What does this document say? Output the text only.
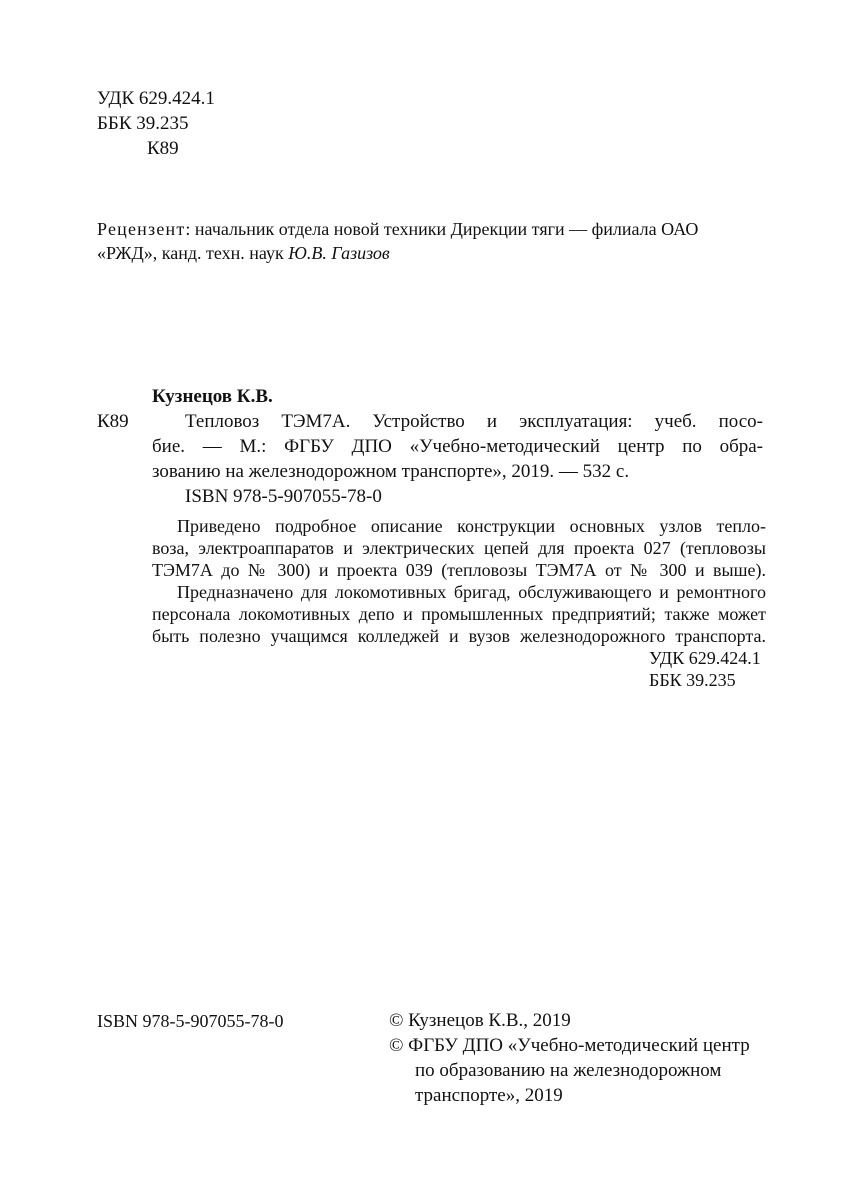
УДК 629.424.1
ББК 39.235
К89
Рецензент: начальник отдела новой техники Дирекции тяги — филиала ОАО
«РЖД», канд. техн. наук Ю.В. Газизов
Кузнецов К.В.
К89	Тепловоз ТЭМ7А. Устройство и эксплуатация: учеб. посо-
бие. — М.: ФГБУ ДПО «Учебно-методический центр по обра-
зованию на железнодорожном транспорте», 2019. — 532 с.
ISBN 978-5-907055-78-0
Приведено подробное описание конструкции основных узлов тепло-
воза, электроаппаратов и электрических цепей для проекта 027 (тепловозы
ТЭМ7А до № 300) и проекта 039 (тепловозы ТЭМ7А от № 300 и выше).
Предназначено для локомотивных бригад, обслуживающего и ремонтного
персонала локомотивных депо и промышленных предприятий; также может
быть полезно учащимся колледжей и вузов железнодорожного транспорта.
УДК 629.424.1
ББК 39.235
ISBN 978-5-907055-78-0	© Кузнецов К.В., 2019
© ФГБУ ДПО «Учебно-методический центр
по образованию на железнодорожном
транспорте», 2019
